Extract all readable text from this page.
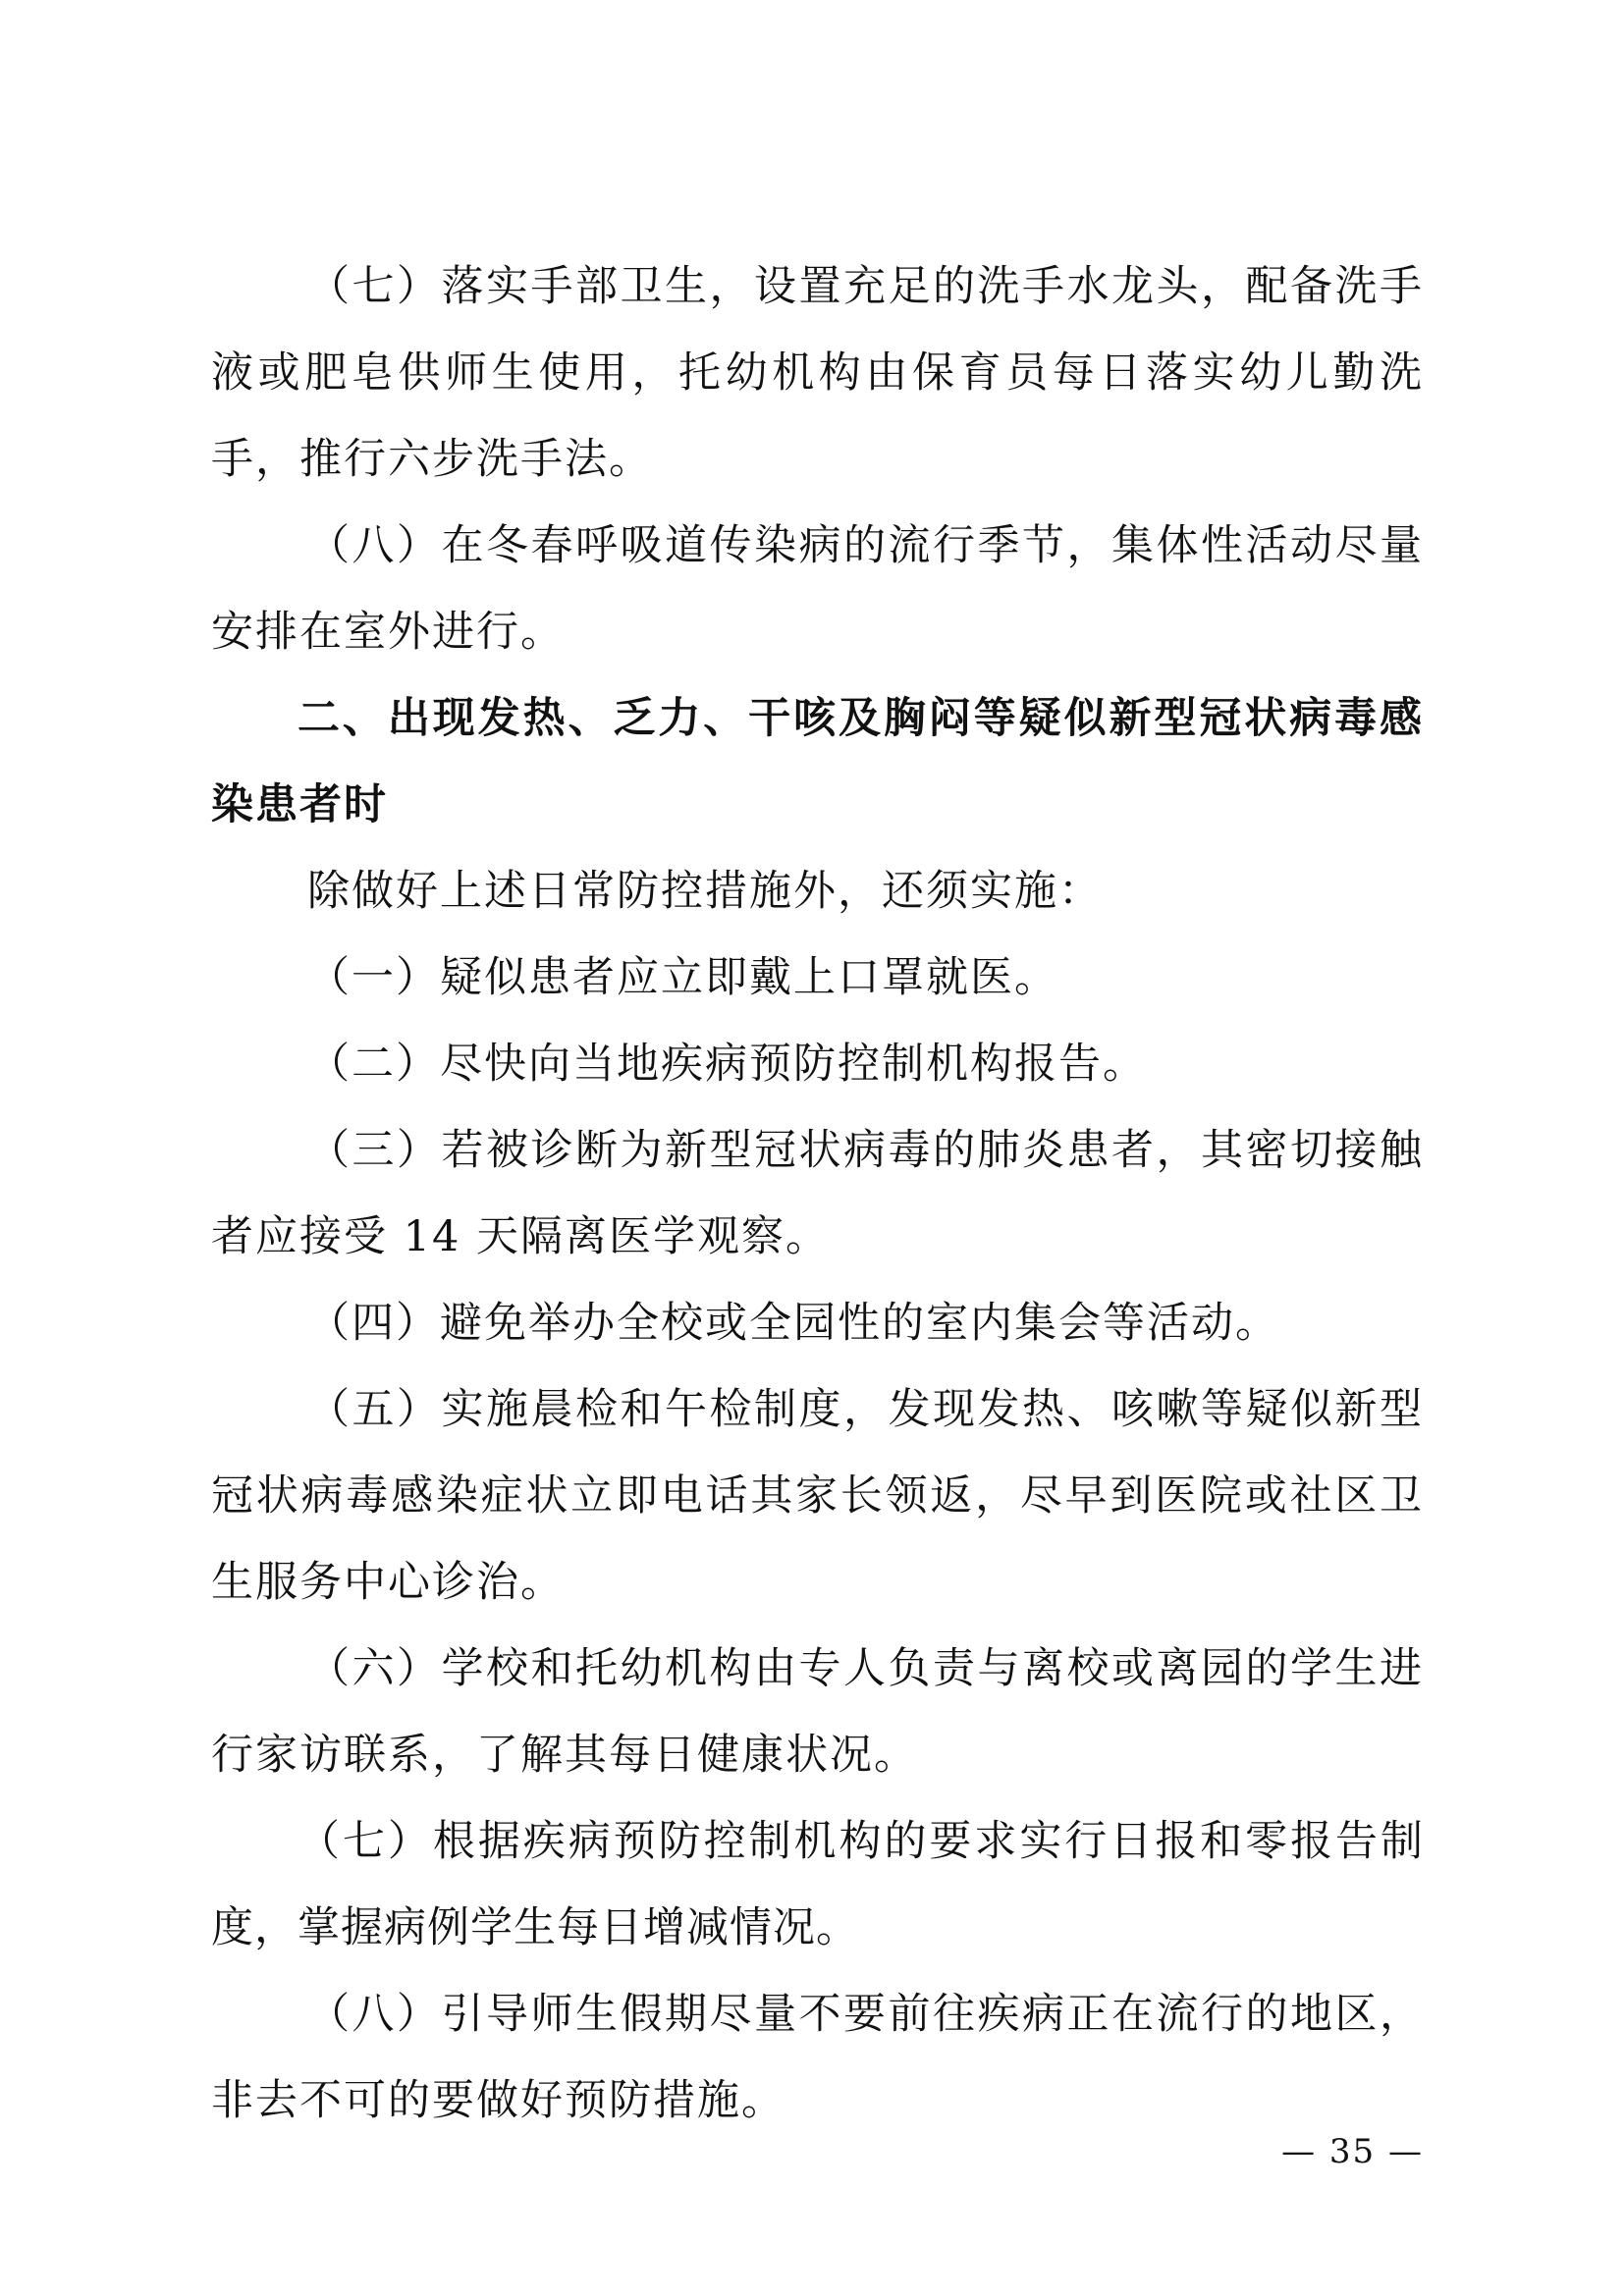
（七）落实手部卫生，设置充足的洗手水龙头，配备洗手液或肥皂供师生使用，托幼机构由保育员每日落实幼儿勤洗手，推行六步洗手法。

（八）在冬春呼吸道传染病的流行季节，集体性活动尽量安排在室外进行。

二、出现发热、乏力、干咳及胸闷等疑似新型冠状病毒感染患者时

除做好上述日常防控措施外，还须实施：

（一）疑似患者应立即戴上口罩就医。

（二）尽快向当地疾病预防控制机构报告。

（三）若被诊断为新型冠状病毒的肺炎患者，其密切接触者应接受 14 天隔离医学观察。

（四）避免举办全校或全园性的室内集会等活动。

（五）实施晨检和午检制度，发现发热、咳嗽等疑似新型冠状病毒感染症状立即电话其家长领返，尽早到医院或社区卫生服务中心诊治。

（六）学校和托幼机构由专人负责与离校或离园的学生进行家访联系，了解其每日健康状况。

（七）根据疾病预防控制机构的要求实行日报和零报告制度，掌握病例学生每日增减情况。

（八）引导师生假期尽量不要前往疾病正在流行的地区，非去不可的要做好预防措施。

— 35 —
